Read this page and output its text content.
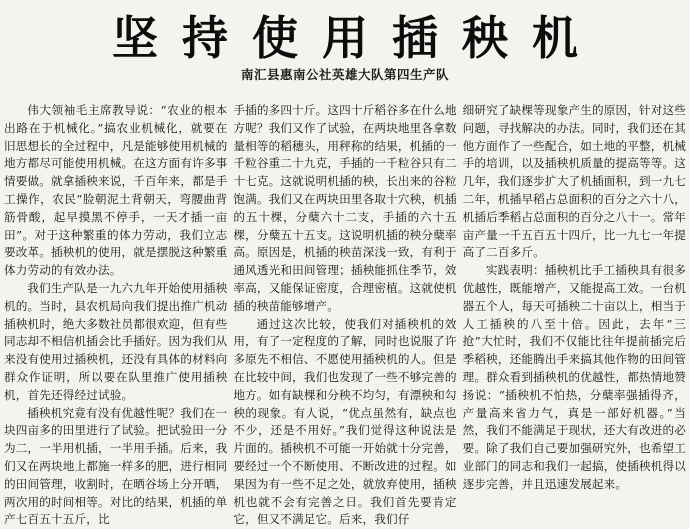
坚持使用插秧机
南汇县惠南公社英雄大队第四生产队

伟大领袖毛主席教导说：“农业的根本出路在于机械化。”搞农业机械化，就要在旧思想长的全过程中，凡是能够使用机械的地方都尽可能使用机械。在这方面有许多事情要做。就拿插秧来说，千百年来，都是手工操作，农民“脸朝泥土背朝天，弯腰曲背筋骨酸，起早摸黑不停手，一天才插一亩田”。对于这种繁重的体力劳动，我们立志要改革。插秧机的使用，就是摆脱这种繁重体力劳动的有效办法。

我们生产队是一九六九年开始使用插秧机的。当时，县农机局向我们提出推广机动插秧机时，绝大多数社员都很欢迎，但有些同志却不相信机插会比手插好。因为我们从来没有使用过插秧机，还没有具体的材料向群众作证明，所以要在队里推广使用插秧机，首先还得经过试验。

插秧机究竟有没有优越性呢？我们在一块四亩多的田里进行了试验。把试验田一分为二，一半用机插，一半用手插。后来，我们又在两块地上都施一样多的肥，进行相同的田间管理，收割时，在晒谷场上分开晒，两次用的时间相等。对比的结果，机插的单产七百五十五斤，比

手插的多四十斤。这四十斤稻谷多在什么地方呢？我们又作了试验，在两块地里各拿数量相等的稻穗头，用秤称的结果，机插的一千粒谷重二十九克，手插的一千粒谷只有二十七克。这就说明机插的秧，长出来的谷粒饱满。我们又在两块田里各取十穴秧，机插的五十棵，分蘖六十二支，手插的六十五棵，分蘖五十五支。这说明机插的秧分蘖率高。原因是，机插的秧苗深浅一致，有利于通风透光和田间管理；插秧能抓住季节，效率高，又能保证密度，合理密植。这就使机插的秧苗能够增产。

通过这次比较，使我们对插秧机的效用，有了一定程度的了解，同时也说服了许多原先不相信、不愿使用插秧机的人。但是在比较中间，我们也发现了一些不够完善的地方。如有缺棵和分秧不均匀，有漂秧和勾秧的现象。有人说，“优点虽然有，缺点也不少，还是不用好。”我们觉得这种说法是片面的。插秧机不可能一开始就十分完善，要经过一个不断使用、不断改进的过程。如果因为有一些不足之处，就放弃使用，插秧机也就不会有完善之日。我们首先要肯定它，但又不满足它。后来，我们仔

细研究了缺棵等现象产生的原因，针对这些问题，寻找解决的办法。同时，我们还在其他方面作了一些配合，如土地的平整，机械手的培训，以及插秧机质量的提高等等。这几年，我们逐步扩大了机插面积，到一九七二年，机插早稻占总面积的百分之六十八，机插后季稻占总面积的百分之八十一。常年亩产量一千五百五十四斤，比一九七一年提高了二百多斤。

实践表明：插秧机比手工插秧具有很多优越性，既能增产，又能提高工效。一台机器五个人，每天可插秧二十亩以上，相当于人工插秧的八至十倍。因此，去年“三抢”大忙时，我们不仅能比往年提前插完后季稻秧，还能腾出手来搞其他作物的田间管理。群众看到插秧机的优越性，都热情地赞扬说：“插秧机不怕热，分蘖率强插得齐，产量高来省力气，真是一部好机器。”当然，我们不能满足于现状，还大有改进的必要。除了我们自己要加强研究外，也希望工业部门的同志和我们一起搞，使插秧机得以逐步完善，并且迅速发展起来。
